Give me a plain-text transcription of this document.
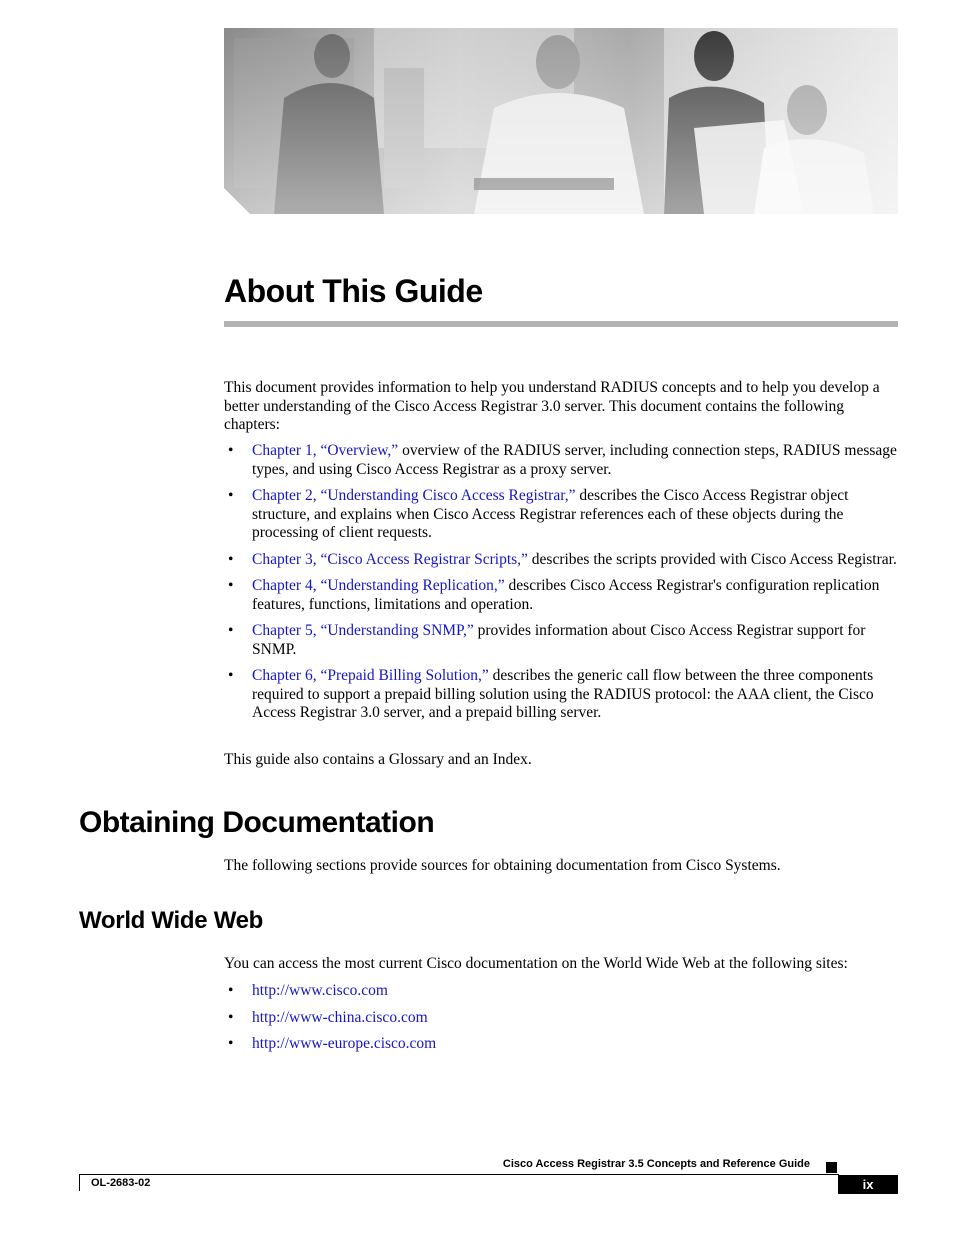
About This Guide

This document provides information to help you understand RADIUS concepts and to help you develop a better understanding of the Cisco Access Registrar 3.0 server. This document contains the following chapters:

• Chapter 1, “Overview,” overview of the RADIUS server, including connection steps, RADIUS message types, and using Cisco Access Registrar as a proxy server.
• Chapter 2, “Understanding Cisco Access Registrar,” describes the Cisco Access Registrar object structure, and explains when Cisco Access Registrar references each of these objects during the processing of client requests.
• Chapter 3, “Cisco Access Registrar Scripts,” describes the scripts provided with Cisco Access Registrar.
• Chapter 4, “Understanding Replication,” describes Cisco Access Registrar's configuration replication features, functions, limitations and operation.
• Chapter 5, “Understanding SNMP,” provides information about Cisco Access Registrar support for SNMP.
• Chapter 6, “Prepaid Billing Solution,” describes the generic call flow between the three components required to support a prepaid billing solution using the RADIUS protocol: the AAA client, the Cisco Access Registrar 3.0 server, and a prepaid billing server.

This guide also contains a Glossary and an Index.

Obtaining Documentation

The following sections provide sources for obtaining documentation from Cisco Systems.

World Wide Web

You can access the most current Cisco documentation on the World Wide Web at the following sites:

• http://www.cisco.com
• http://www-china.cisco.com
• http://www-europe.cisco.com
Cisco Access Registrar 3.5 Concepts and Reference Guide
OL-2683-02	ix
